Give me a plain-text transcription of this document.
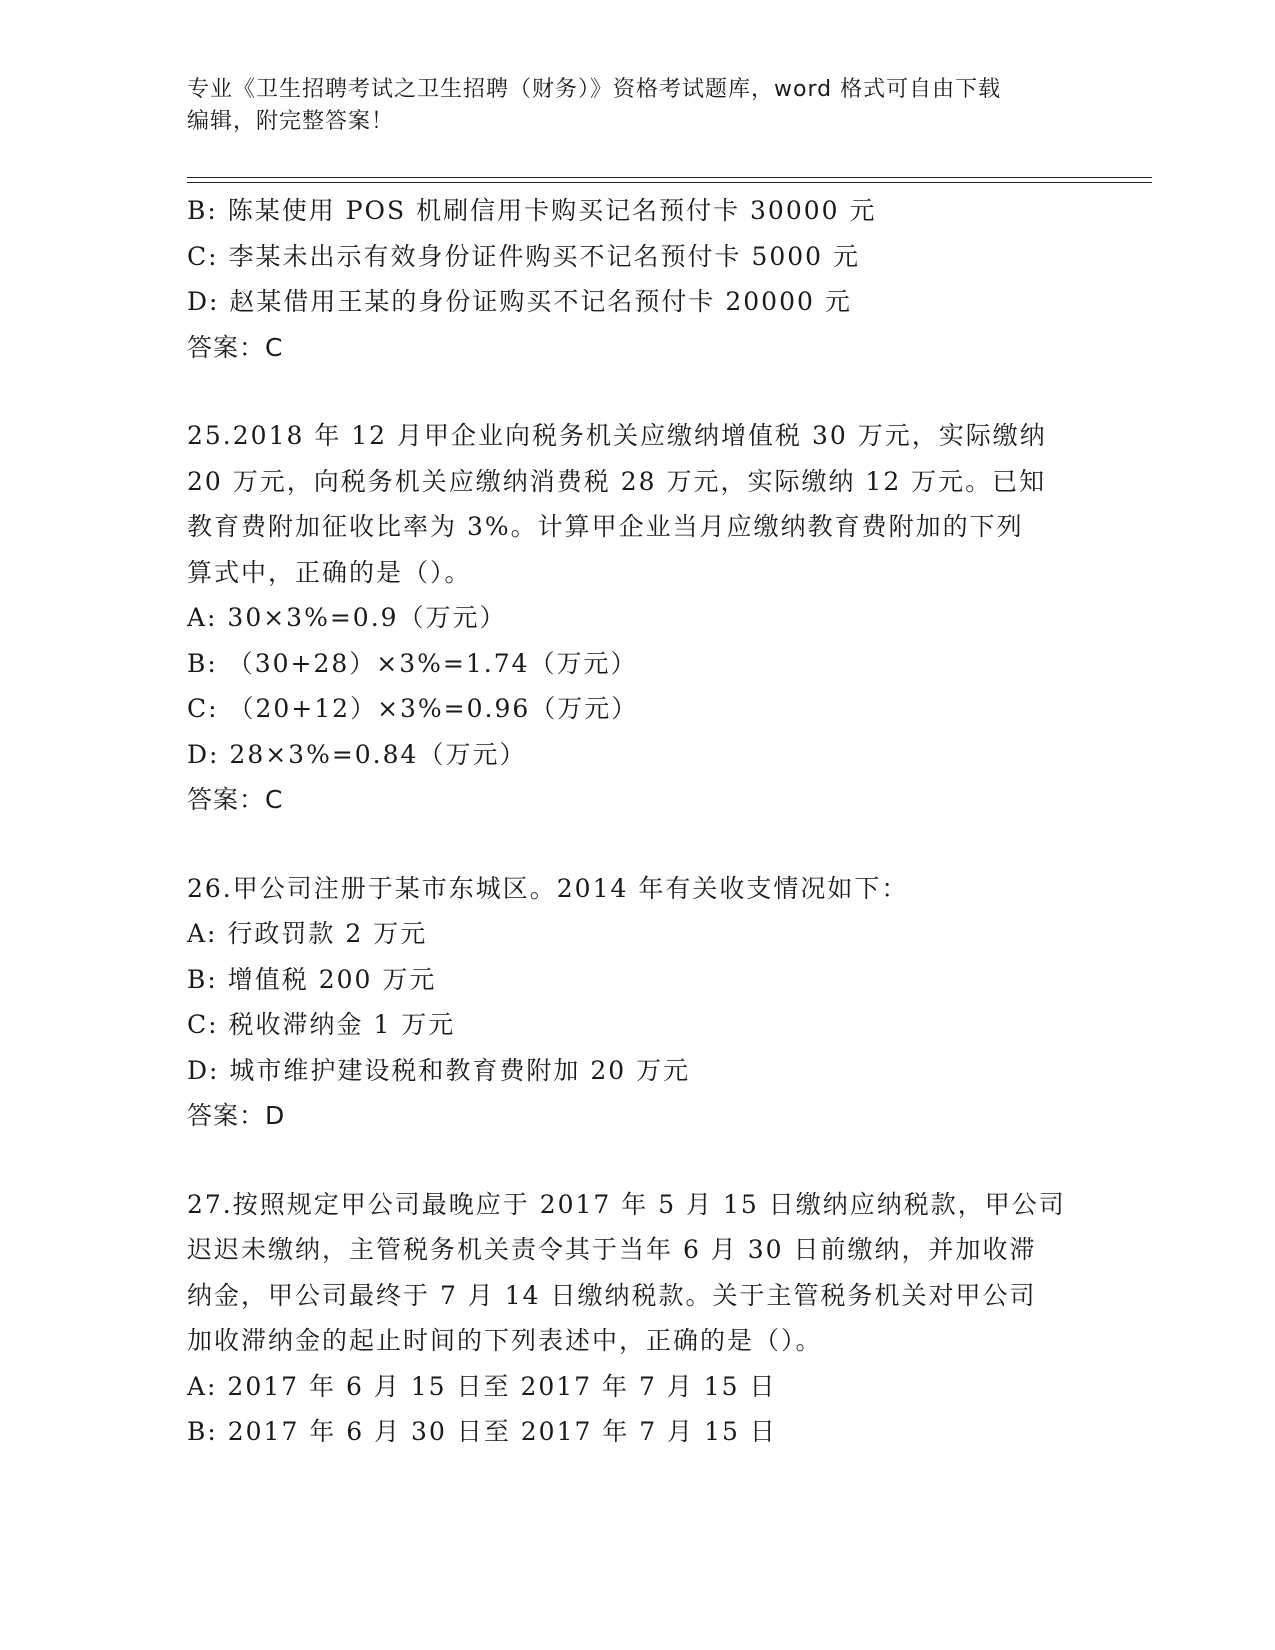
专业《卫生招聘考试之卫生招聘（财务）》资格考试题库，word 格式可自由下载
编辑，附完整答案！
B: 陈某使用 POS 机刷信用卡购买记名预付卡 30000 元
C: 李某未出示有效身份证件购买不记名预付卡 5000 元
D: 赵某借用王某的身份证购买不记名预付卡 20000 元
答案：C
25.2018 年 12 月甲企业向税务机关应缴纳增值税 30 万元，实际缴纳
20 万元，向税务机关应缴纳消费税 28 万元，实际缴纳 12 万元。已知
教育费附加征收比率为 3%。计算甲企业当月应缴纳教育费附加的下列
算式中，正确的是（）。
A: 30×3%=0.9（万元）
B: （30+28）×3%=1.74（万元）
C: （20+12）×3%=0.96（万元）
D: 28×3%=0.84（万元）
答案：C
26.甲公司注册于某市东城区。2014 年有关收支情况如下：
A: 行政罚款 2 万元
B: 增值税 200 万元
C: 税收滞纳金 1 万元
D: 城市维护建设税和教育费附加 20 万元
答案：D
27.按照规定甲公司最晚应于 2017 年 5 月 15 日缴纳应纳税款，甲公司
迟迟未缴纳，主管税务机关责令其于当年 6 月 30 日前缴纳，并加收滞
纳金，甲公司最终于 7 月 14 日缴纳税款。关于主管税务机关对甲公司
加收滞纳金的起止时间的下列表述中，正确的是（）。
A: 2017 年 6 月 15 日至 2017 年 7 月 15 日
B: 2017 年 6 月 30 日至 2017 年 7 月 15 日
